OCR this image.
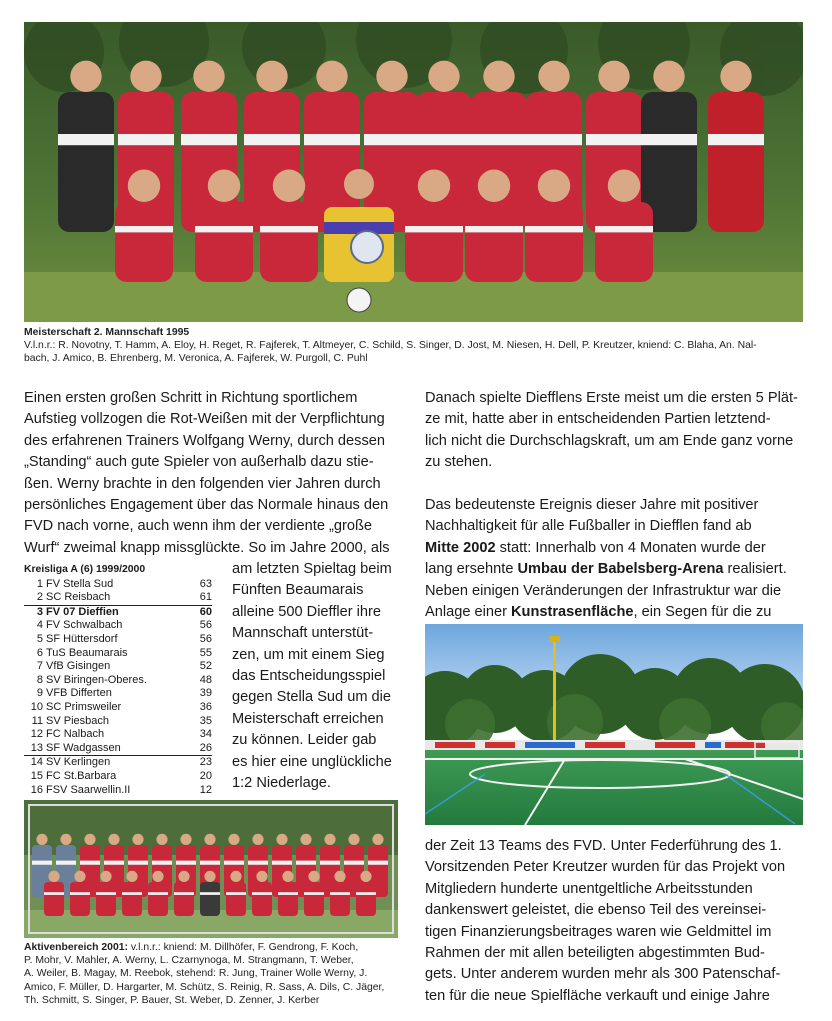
Meisterschaft 2. Mannschaft 1995
V.l.n.r.: R. Novotny, T. Hamm, A. Eloy, H. Reget, R. Fajferek, T. Altmeyer, C. Schild, S. Singer, D. Jost, M. Niesen, H. Dell, P. Kreutzer, kniend: C. Blaha, An. Nal-
bach, J. Amico, B. Ehrenberg, M. Veronica, A. Fajferek, W. Purgoll, C. Puhl
Einen ersten großen Schritt in Richtung sportlichem
Aufstieg vollzogen die Rot-Weißen mit der Verpflichtung
des erfahrenen Trainers Wolfgang Werny, durch dessen
„Standing“ auch gute Spieler von außerhalb dazu stie-
ßen. Werny brachte in den folgenden vier Jahren durch
persönliches Engagement über das Normale hinaus den
FVD nach vorne, auch wenn ihm der verdiente „große
Wurf“ zweimal knapp missglückte. So im Jahre 2000, als
am letzten Spieltag beim
Fünften Beaumarais
alleine 500 Dieffler ihre
Mannschaft unterstüt-
zen, um mit einem Sieg
das Entscheidungsspiel
gegen Stella Sud um die
Meisterschaft erreichen
zu können. Leider gab
es hier eine unglückliche
1:2 Niederlage.
Kreisliga A (6) 1999/2000
1 FV Stella Sud	63
2 SC Reisbach	61
3 FV 07 Dieffien	60
4 FV Schwalbach	56
5 SF Hüttersdorf	56
6 TuS Beaumarais	55
7 VfB Gisingen	52
8 SV Biringen-Oberes.	48
9 VFB Differten	39
10 SC Primsweiler	36
11 SV Piesbach	35
12 FC Nalbach	34
13 SF Wadgassen	26
14 SV Kerlingen	23
15 FC St.Barbara	20
16 FSV Saarwellin.II	12
Aktivenbereich 2001: v.l.n.r.: kniend: M. Dillhöfer, F. Gendrong, F. Koch,
P. Mohr, V. Mahler, A. Werny, L. Czarnynoga, M. Strangmann, T. Weber,
A. Weiler, B. Magay, M. Reebok, stehend: R. Jung, Trainer Wolle Werny, J.
Amico, F. Müller, D. Hargarter, M. Schütz, S. Reinig, R. Sass, A. Dils, C. Jäger,
Th. Schmitt, S. Singer, P. Bauer, St. Weber, D. Zenner, J. Kerber
Danach spielte Diefflens Erste meist um die ersten 5 Plät-
ze mit, hatte aber in entscheidenden Partien letztend-
lich nicht die Durchschlagskraft, um am Ende ganz vorne
zu stehen.
Das bedeutenste Ereignis dieser Jahre mit positiver
Nachhaltigkeit für alle Fußballer in Diefflen fand ab
Mitte 2002 statt: Innerhalb von 4 Monaten wurde der
lang ersehnte Umbau der Babelsberg-Arena realisiert.
Neben einigen Veränderungen der Infrastruktur war die
Anlage einer Kunstrasenfläche, ein Segen für die zu
der Zeit 13 Teams des FVD. Unter Federführung des 1.
Vorsitzenden Peter Kreutzer wurden für das Projekt von
Mitgliedern hunderte unentgeltliche Arbeitsstunden
dankenswert geleistet, die ebenso Teil des vereinsei-
tigen Finanzierungsbeitrages waren wie Geldmittel im
Rahmen der mit allen beteiligten abgestimmten Bud-
gets. Unter anderem wurden mehr als 300 Patenschaf-
ten für die neue Spielfläche verkauft und einige Jahre
